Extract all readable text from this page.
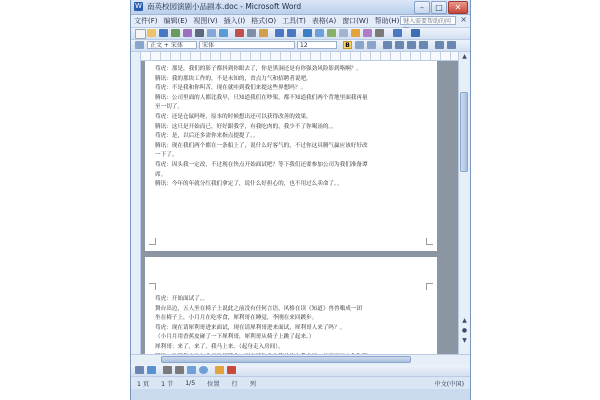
W 南英校园演剧小品剧本.doc - Microsoft Word	–	□	✕
文件(F) 编辑(E) 视图(V) 插入(I) 格式(O) 工具(T) 表格(A) 窗口(W) 帮助(H) 键入需要帮助的问	×
正文 + 宋体	宋体	12	B
苟虎：那是，我们的影子都抖到你眼去了，你是黑洞还是有你强劲风险影到咯啊？。
腾讯：我的那块工作的，不是未知的，省点力气和招聘者说吧。
苟虎：不是我和你叫苦，现在就哇到我们来提这些界想吗？。
腾讯：公司里面的人都比我早，只知道我们在吵架，都不知道我们两个背地里面我再量
至一切了。
苟虎：还是仓鼠吗呀，原本的时候想出还可以获得改善的效果。
腾讯：这只是开始而已，好好跟我学，有我吃肉的，我少不了你喝汤的。。
苟虎：是，以后还多需你来指点提提了。。
腾讯：现在我们两个都在一条船上了，说什么好客气的，不过你这具腾气赢应该好好改
一下了。
苟虎：因头我一定改，不过现在快点开始面试吧？等下我们还要参加公司为我们准备谭
席。
腾讯：今年的年就分红我们拿定了，说什么好担心的，也不用过么卖命了。。
苟虎：开始面试了。。
舞台出边，五人坐在椅子上说此之前没有任何言语，风格在读《知道》兽兽嗡成一团
坐在椅子上，小月月在吃零食，犀利哥在睡觉，李刚在来回踱步。
苟虎：现在请犀利哥进来面试，现在请犀利哥进来面试，犀利哥人来了吗？。
（小月月用香蕉皮碰了一下犀利哥，犀利哥从椅子上跳了起来。）
犀利哥：来了，来了，我马上来。（起身走入房间）。
▲
▲
●
▼
1 页	1 节	1/5	位置	行	列	中文(中国)
